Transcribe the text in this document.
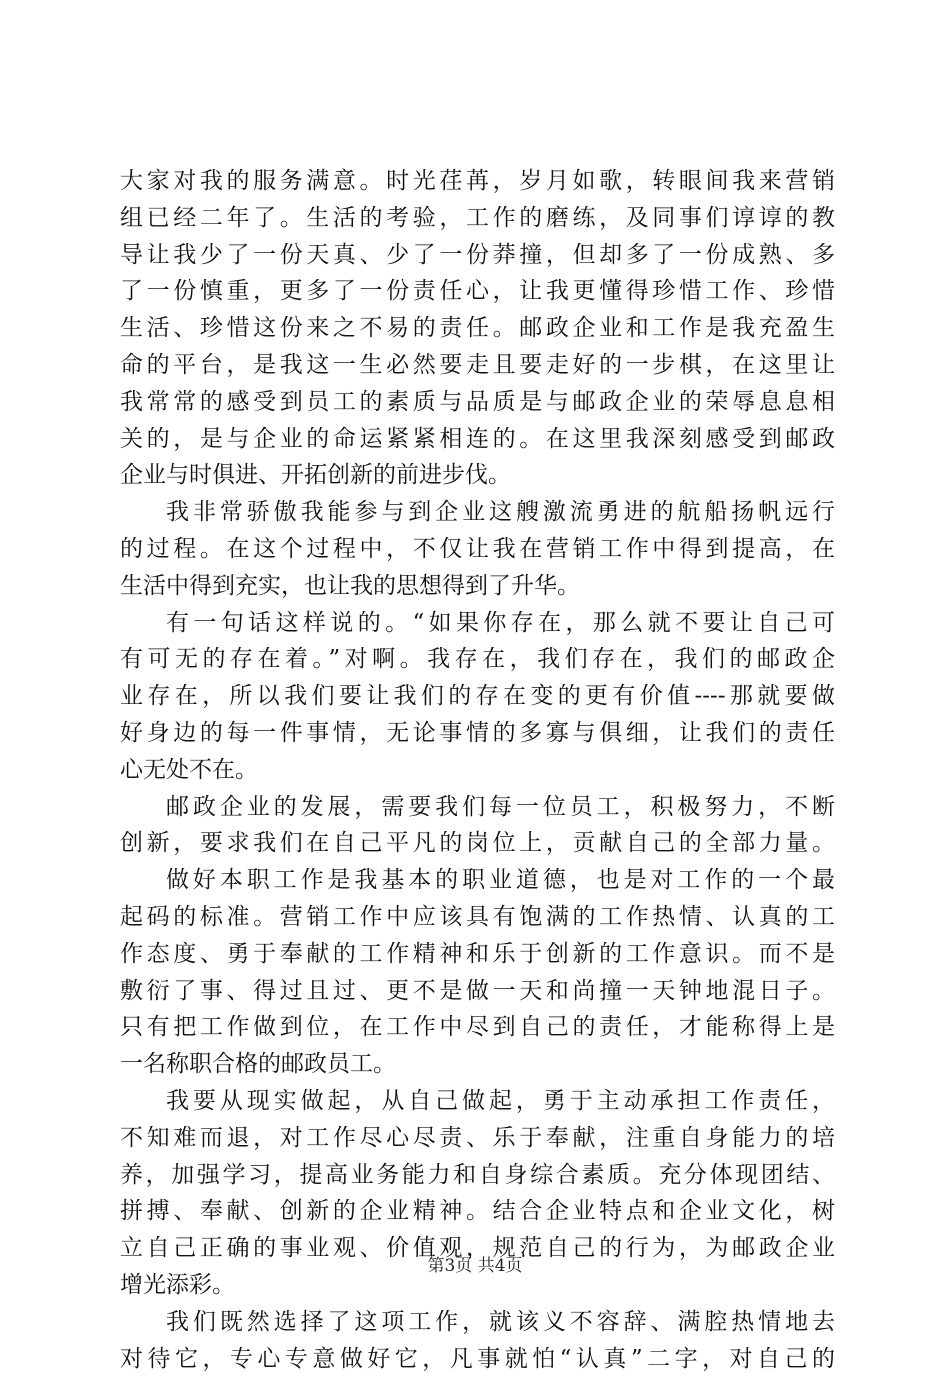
大家对我的服务满意。时光荏苒，岁月如歌，转眼间我来营销
组已经二年了。生活的考验，工作的磨练，及同事们谆谆的教
导让我少了一份天真、少了一份莽撞，但却多了一份成熟、多
了一份慎重，更多了一份责任心，让我更懂得珍惜工作、珍惜
生活、珍惜这份来之不易的责任。邮政企业和工作是我充盈生
命的平台，是我这一生必然要走且要走好的一步棋，在这里让
我常常的感受到员工的素质与品质是与邮政企业的荣辱息息相
关的，是与企业的命运紧紧相连的。在这里我深刻感受到邮政
企业与时俱进、开拓创新的前进步伐。
我非常骄傲我能参与到企业这艘激流勇进的航船扬帆远行
的过程。在这个过程中，不仅让我在营销工作中得到提高，在
生活中得到充实，也让我的思想得到了升华。
有一句话这样说的。“如果你存在，那么就不要让自己可
有可无的存在着。”对啊。我存在，我们存在，我们的邮政企
业存在，所以我们要让我们的存在变的更有价值----那就要做
好身边的每一件事情，无论事情的多寡与俱细，让我们的责任
心无处不在。
邮政企业的发展，需要我们每一位员工，积极努力，不断
创新，要求我们在自己平凡的岗位上，贡献自己的全部力量。
做好本职工作是我基本的职业道德，也是对工作的一个最
起码的标准。营销工作中应该具有饱满的工作热情、认真的工
作态度、勇于奉献的工作精神和乐于创新的工作意识。而不是
敷衍了事、得过且过、更不是做一天和尚撞一天钟地混日子。
只有把工作做到位，在工作中尽到自己的责任，才能称得上是
一名称职合格的邮政员工。
我要从现实做起，从自己做起，勇于主动承担工作责任，
不知难而退，对工作尽心尽责、乐于奉献，注重自身能力的培
养，加强学习，提高业务能力和自身综合素质。充分体现团结、
拼搏、奉献、创新的企业精神。结合企业特点和企业文化，树
立自己正确的事业观、价值观，规范自己的行为，为邮政企业
增光添彩。
我们既然选择了这项工作，就该义不容辞、满腔热情地去
对待它，专心专意做好它，凡事就怕“认真”二字，对自己的
第3页 共4页
